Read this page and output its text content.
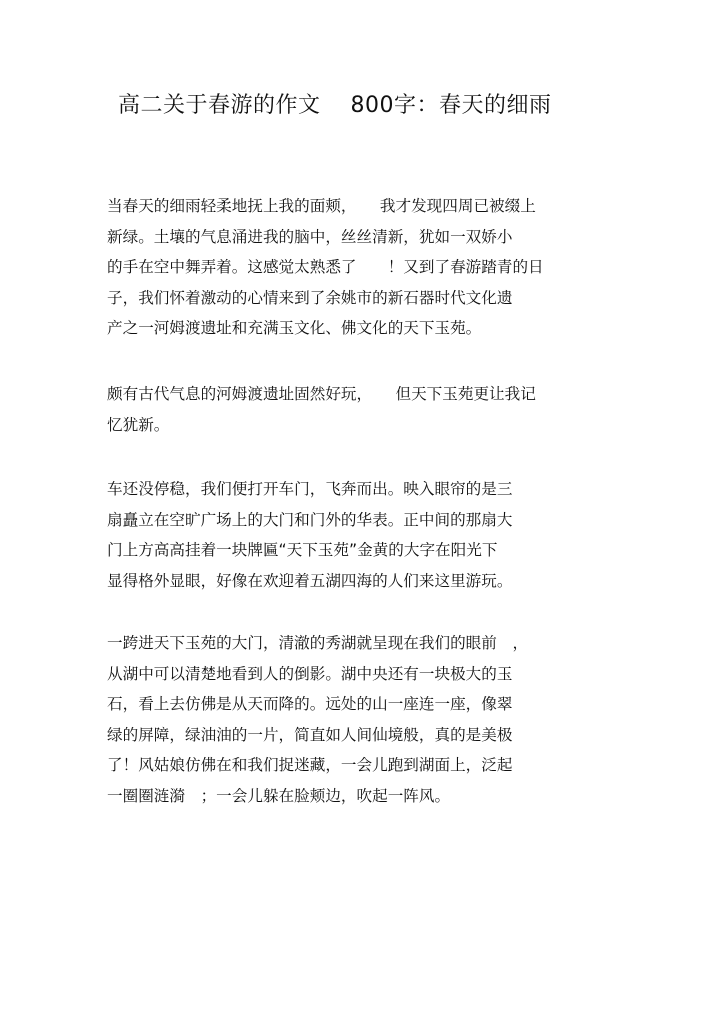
高二关于春游的作文　 800字：春天的细雨
当春天的细雨轻柔地抚上我的面颊，　　我才发现四周已被缀上
新绿。土壤的气息涌进我的脑中，丝丝清新，犹如一双娇小
的手在空中舞弄着。这感觉太熟悉了　　！又到了春游踏青的日
子，我们怀着激动的心情来到了余姚市的新石器时代文化遗
产之一河姆渡遗址和充满玉文化、佛文化的天下玉苑。
颇有古代气息的河姆渡遗址固然好玩，　　但天下玉苑更让我记
忆犹新。
车还没停稳，我们便打开车门，飞奔而出。映入眼帘的是三
扇矗立在空旷广场上的大门和门外的华表。正中间的那扇大
门上方高高挂着一块牌匾“天下玉苑”金黄的大字在阳光下
显得格外显眼，好像在欢迎着五湖四海的人们来这里游玩。
一跨进天下玉苑的大门，清澈的秀湖就呈现在我们的眼前　，
从湖中可以清楚地看到人的倒影。湖中央还有一块极大的玉
石，看上去仿佛是从天而降的。远处的山一座连一座，像翠
绿的屏障，绿油油的一片，简直如人间仙境般，真的是美极
了！风姑娘仿佛在和我们捉迷藏，一会儿跑到湖面上，泛起
一圈圈涟漪　；一会儿躲在脸颊边，吹起一阵风。
